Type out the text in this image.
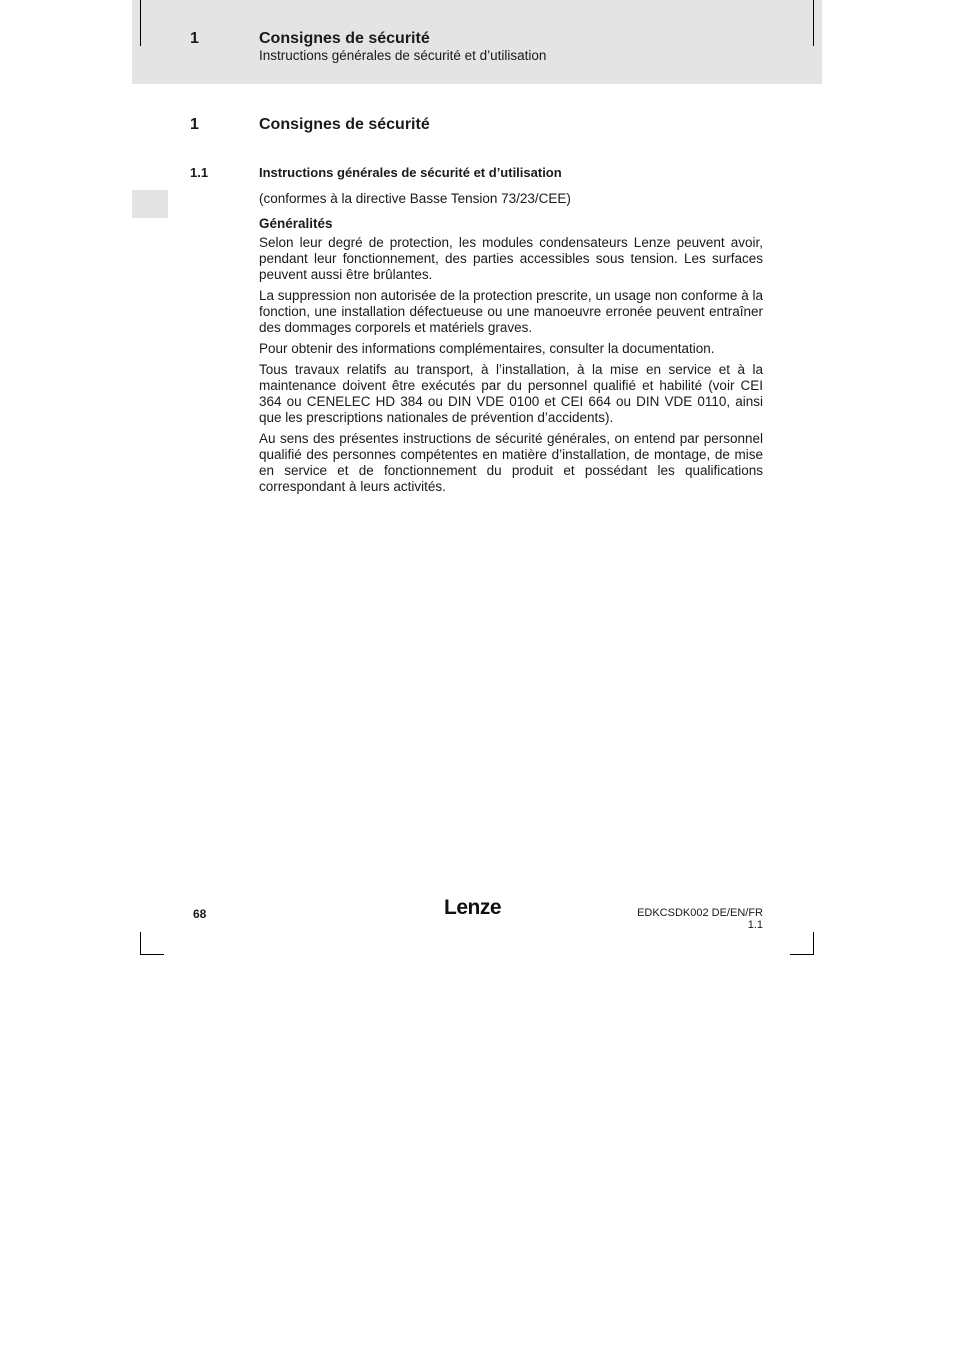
1	Consignes de sécurité
Instructions générales de sécurité et d’utilisation
1	Consignes de sécurité
1.1	Instructions générales de sécurité et d’utilisation

(conformes à la directive Basse Tension 73/23/CEE)

Généralités

Selon leur degré de protection, les modules condensateurs Lenze peuvent avoir, pendant leur fonctionnement, des parties accessibles sous tension. Les surfaces peuvent aussi être brûlantes.

La suppression non autorisée de la protection prescrite, un usage non conforme à la fonction, une installation défectueuse ou une manoeuvre erronée peuvent entraîner des dommages corporels et matériels graves.

Pour obtenir des informations complémentaires, consulter la documentation.

Tous travaux relatifs au transport, à l’installation, à la mise en service et à la maintenance doivent être exécutés par du personnel qualifié et habilité (voir CEI 364 ou CENELEC HD 384 ou DIN VDE 0100 et CEI 664 ou DIN VDE 0110, ainsi que les prescriptions nationales de prévention d’accidents).

Au sens des présentes instructions de sécurité générales, on entend par personnel qualifié des personnes compétentes en matière d’installation, de montage, de mise en service et de fonctionnement du produit et possédant les qualifications correspondant à leurs activités.

68	Lenze	EDKCSDK002 DE/EN/FR 1.1
